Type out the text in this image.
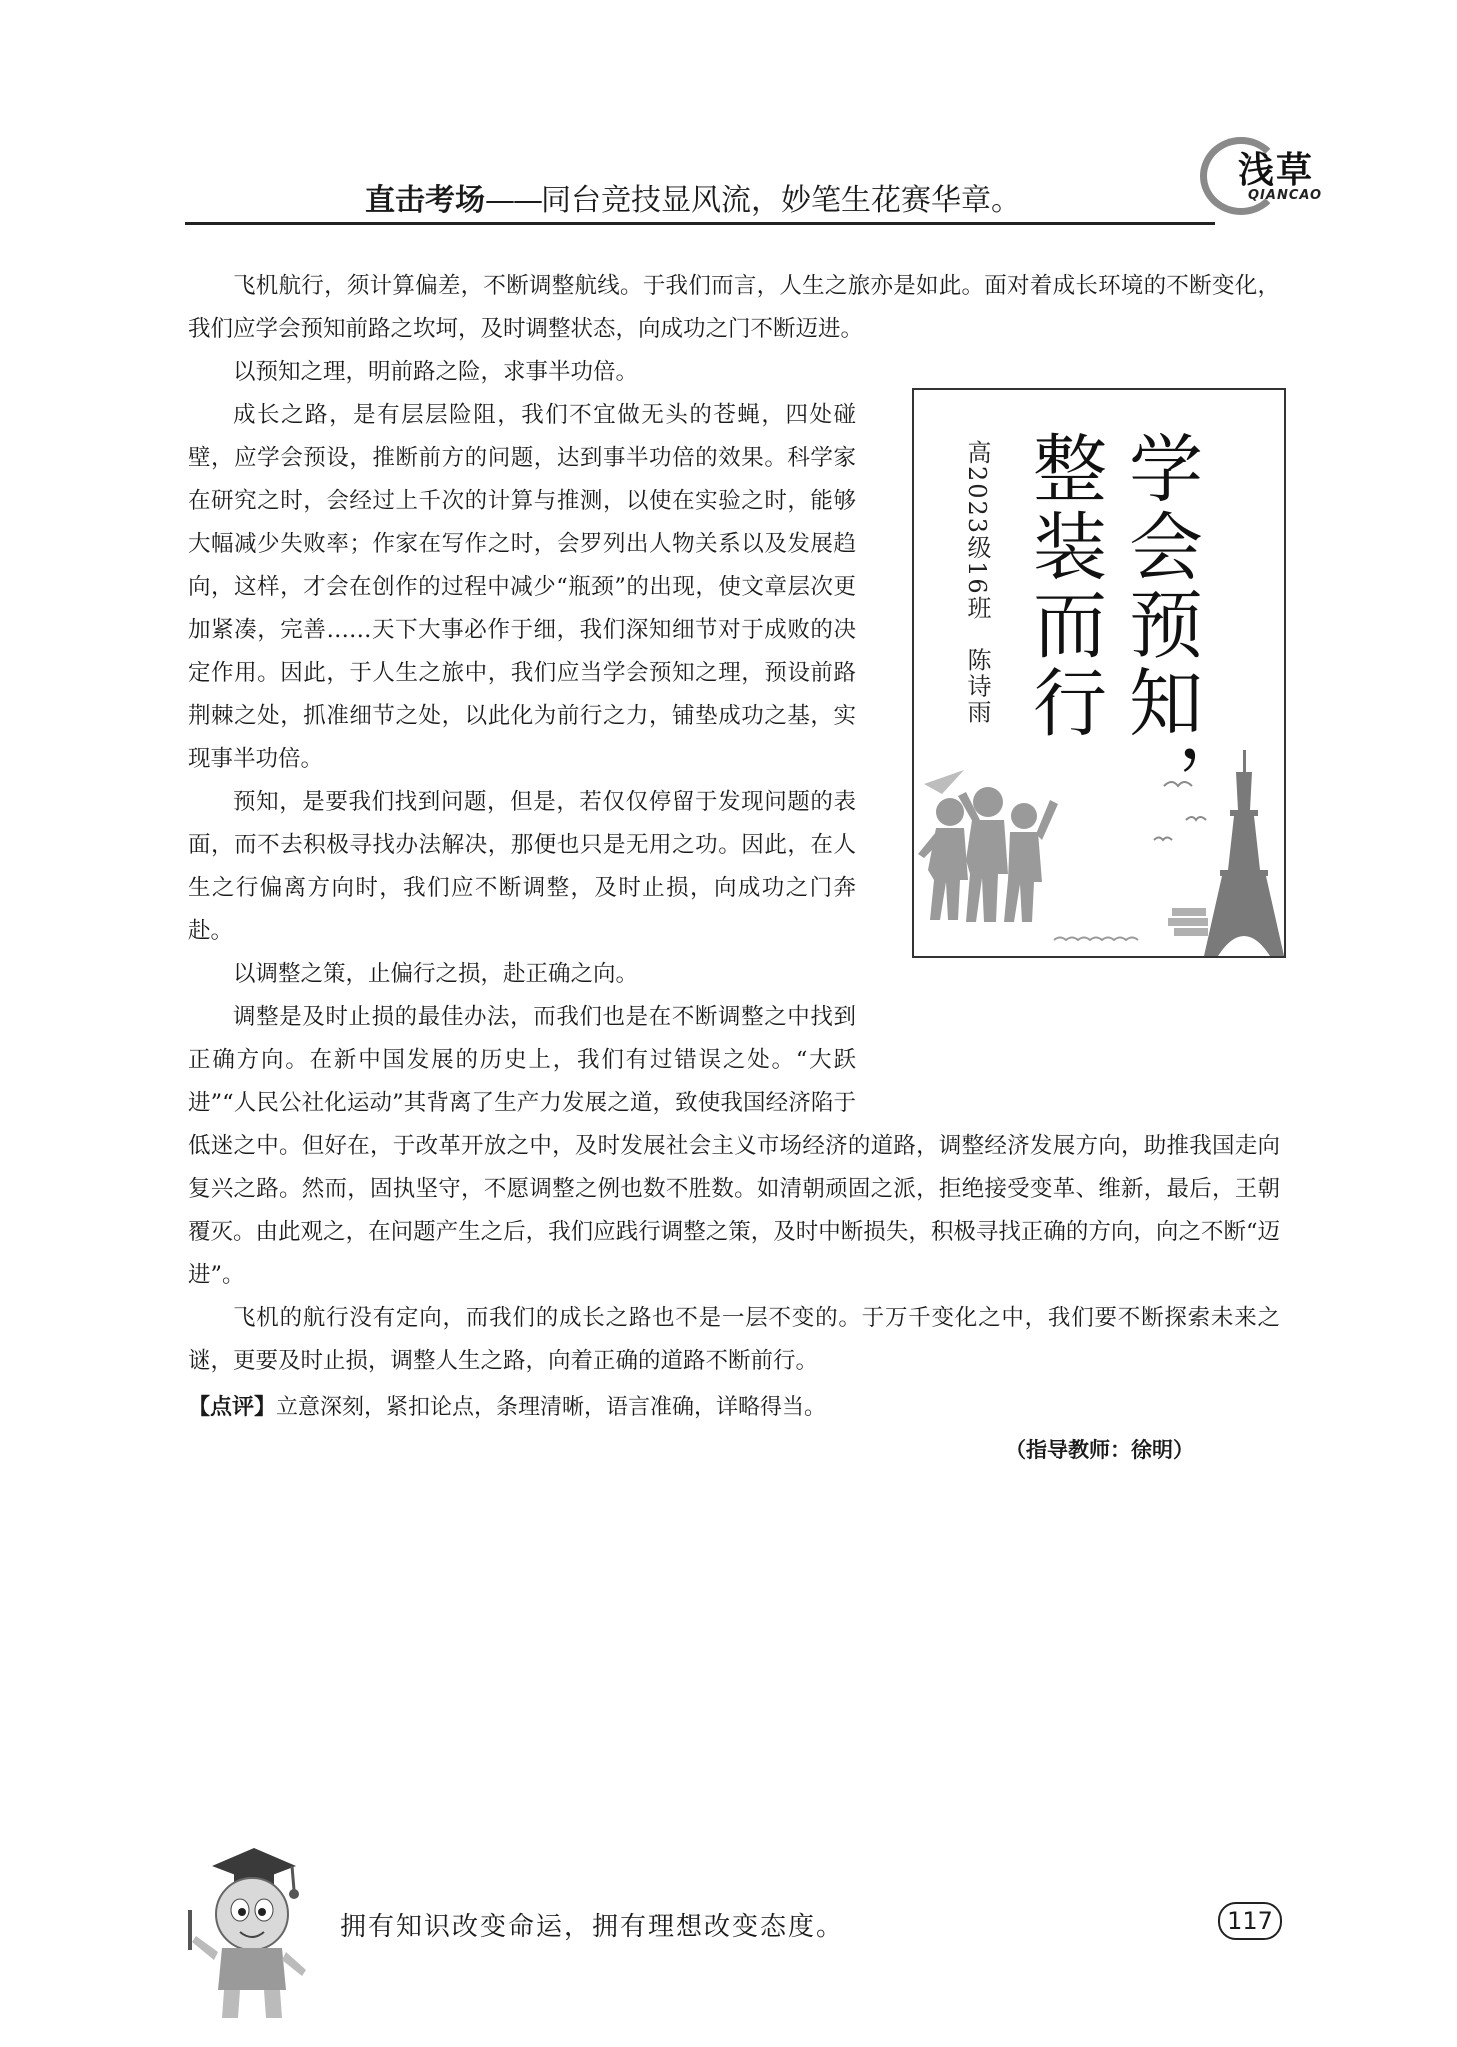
浅草
QIANCAO
直击考场——同台竞技显风流，妙笔生花赛华章。

飞机航行，须计算偏差，不断调整航线。于我们而言，人生之旅亦是如此。面对着成长环境的不断变化，我们应学会预知前路之坎坷，及时调整状态，向成功之门不断迈进。

以预知之理，明前路之险，求事半功倍。

成长之路，是有层层险阻，我们不宜做无头的苍蝇，四处碰壁，应学会预设，推断前方的问题，达到事半功倍的效果。科学家在研究之时，会经过上千次的计算与推测，以使在实验之时，能够大幅减少失败率；作家在写作之时，会罗列出人物关系以及发展趋向，这样，才会在创作的过程中减少“瓶颈”的出现，使文章层次更加紧凑，完善……天下大事必作于细，我们深知细节对于成败的决定作用。因此，于人生之旅中，我们应当学会预知之理，预设前路荆棘之处，抓准细节之处，以此化为前行之力，铺垫成功之基，实现事半功倍。

预知，是要我们找到问题，但是，若仅仅停留于发现问题的表面，而不去积极寻找办法解决，那便也只是无用之功。因此，在人生之行偏离方向时，我们应不断调整，及时止损，向成功之门奔赴。

以调整之策，止偏行之损，赴正确之向。

调整是及时止损的最佳办法，而我们也是在不断调整之中找到正确方向。在新中国发展的历史上，我们有过错误之处。“大跃进”“人民公社化运动”其背离了生产力发展之道，致使我国经济陷于低迷之中。但好在，于改革开放之中，及时发展社会主义市场经济的道路，调整经济发展方向，助推我国走向复兴之路。然而，固执坚守，不愿调整之例也数不胜数。如清朝顽固之派，拒绝接受变革、维新，最后，王朝覆灭。由此观之，在问题产生之后，我们应践行调整之策，及时中断损失，积极寻找正确的方向，向之不断“迈进”。

飞机的航行没有定向，而我们的成长之路也不是一层不变的。于万千变化之中，我们要不断探索未来之谜，更要及时止损，调整人生之路，向着正确的道路不断前行。

学会预知，
整装而行
高2023级16班　陈诗雨
【点评】立意深刻，紧扣论点，条理清晰，语言准确，详略得当。
（指导教师：徐明）
拥有知识改变命运，拥有理想改变态度。	117
